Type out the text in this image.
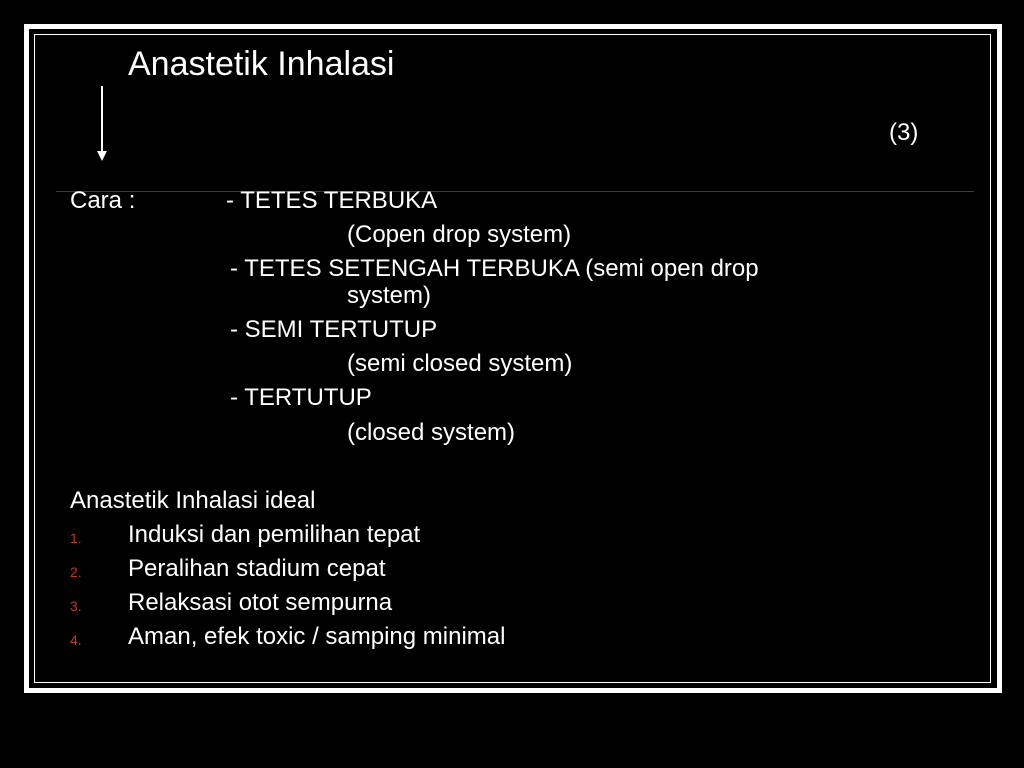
Anastetik Inhalasi
(3)
Cara :	- TETES TERBUKA
(Copen drop system)
- TETES SETENGAH TERBUKA (semi open drop
system)
- SEMI TERTUTUP
(semi closed system)
- TERTUTUP
(closed system)
Anastetik Inhalasi ideal
1. Induksi dan pemilihan tepat
2. Peralihan stadium cepat
3. Relaksasi otot sempurna
4. Aman, efek toxic / samping minimal
